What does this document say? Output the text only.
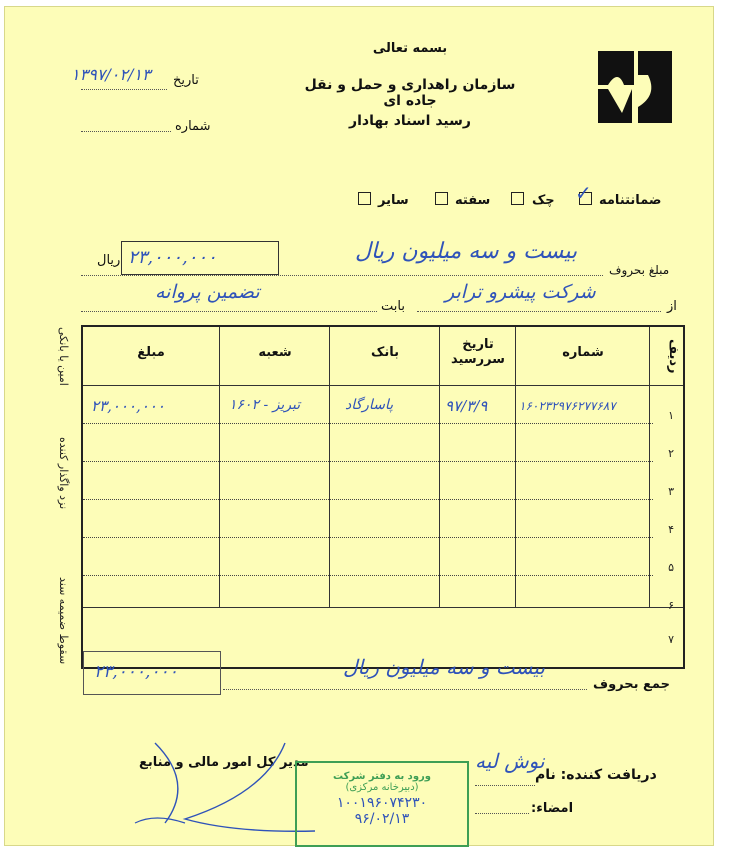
بسمه تعالی
سازمان راهداری و حمل و نقل جاده ای
رسید اسناد بهادار
تاریخ
۱۳۹۷/۰۲/۱۳
شماره
ضمانتنامه
چک ✓
سفته
سایر
ریال ۲۳,۰۰۰,۰۰۰
مبلغ بحروف
بیست و سه میلیون ریال
از
شرکت پیشرو ترابر
بابت
تضمین پروانه
امین یا بانکی
نزد واگذار کننده
سقوط ضمیمه سند
ردیف
شماره
تاریخ سررسید
بانک
شعبه
مبلغ
۱
۱۶۰۲۳۲۹۷۶۲۷۷۶۸۷
۹۷/۳/۹
پاسارگاد
تبریز - ۱۶۰۲
۲۳,۰۰۰,۰۰۰
۲
۳
۴
۵
۶
۷
جمع بحروف
بیست و سه میلیون ریال
۲۳,۰۰۰,۰۰۰
دریافت کننده: نام
نوش لیه
امضاء:
مدیر کل امور مالی و منابع
ورود به دفتر شرکت
(دبیرخانه مرکزی)
۱۰۰۱۹۶۰۷۴۲۳۰
۹۶/۰۲/۱۳
